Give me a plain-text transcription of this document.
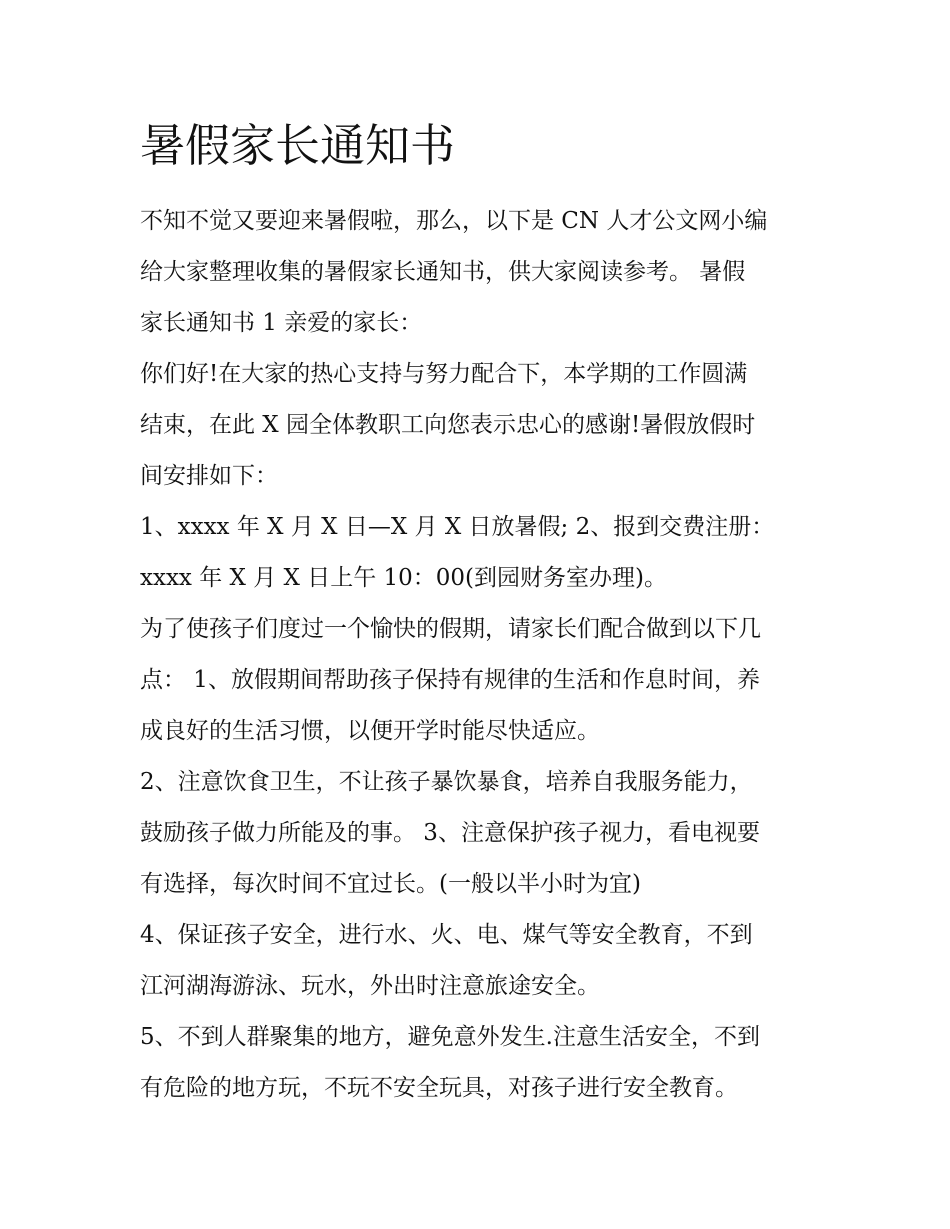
暑假家长通知书
不知不觉又要迎来暑假啦，那么，以下是 CN 人才公文网小编
给大家整理收集的暑假家长通知书，供大家阅读参考。 暑假
家长通知书 1 亲爱的家长：
你们好!在大家的热心支持与努力配合下，本学期的工作圆满
结束，在此 X 园全体教职工向您表示忠心的感谢!暑假放假时
间安排如下：
1、xxxx 年 X 月 X 日—X 月 X 日放暑假; 2、报到交费注册：
xxxx 年 X 月 X 日上午 10：00(到园财务室办理)。
为了使孩子们度过一个愉快的假期，请家长们配合做到以下几
点： 1、放假期间帮助孩子保持有规律的生活和作息时间，养
成良好的生活习惯，以便开学时能尽快适应。
2、注意饮食卫生，不让孩子暴饮暴食，培养自我服务能力，
鼓励孩子做力所能及的事。 3、注意保护孩子视力，看电视要
有选择，每次时间不宜过长。(一般以半小时为宜)
4、保证孩子安全，进行水、火、电、煤气等安全教育，不到
江河湖海游泳、玩水，外出时注意旅途安全。
5、不到人群聚集的地方，避免意外发生.注意生活安全，不到
有危险的地方玩，不玩不安全玩具，对孩子进行安全教育。
